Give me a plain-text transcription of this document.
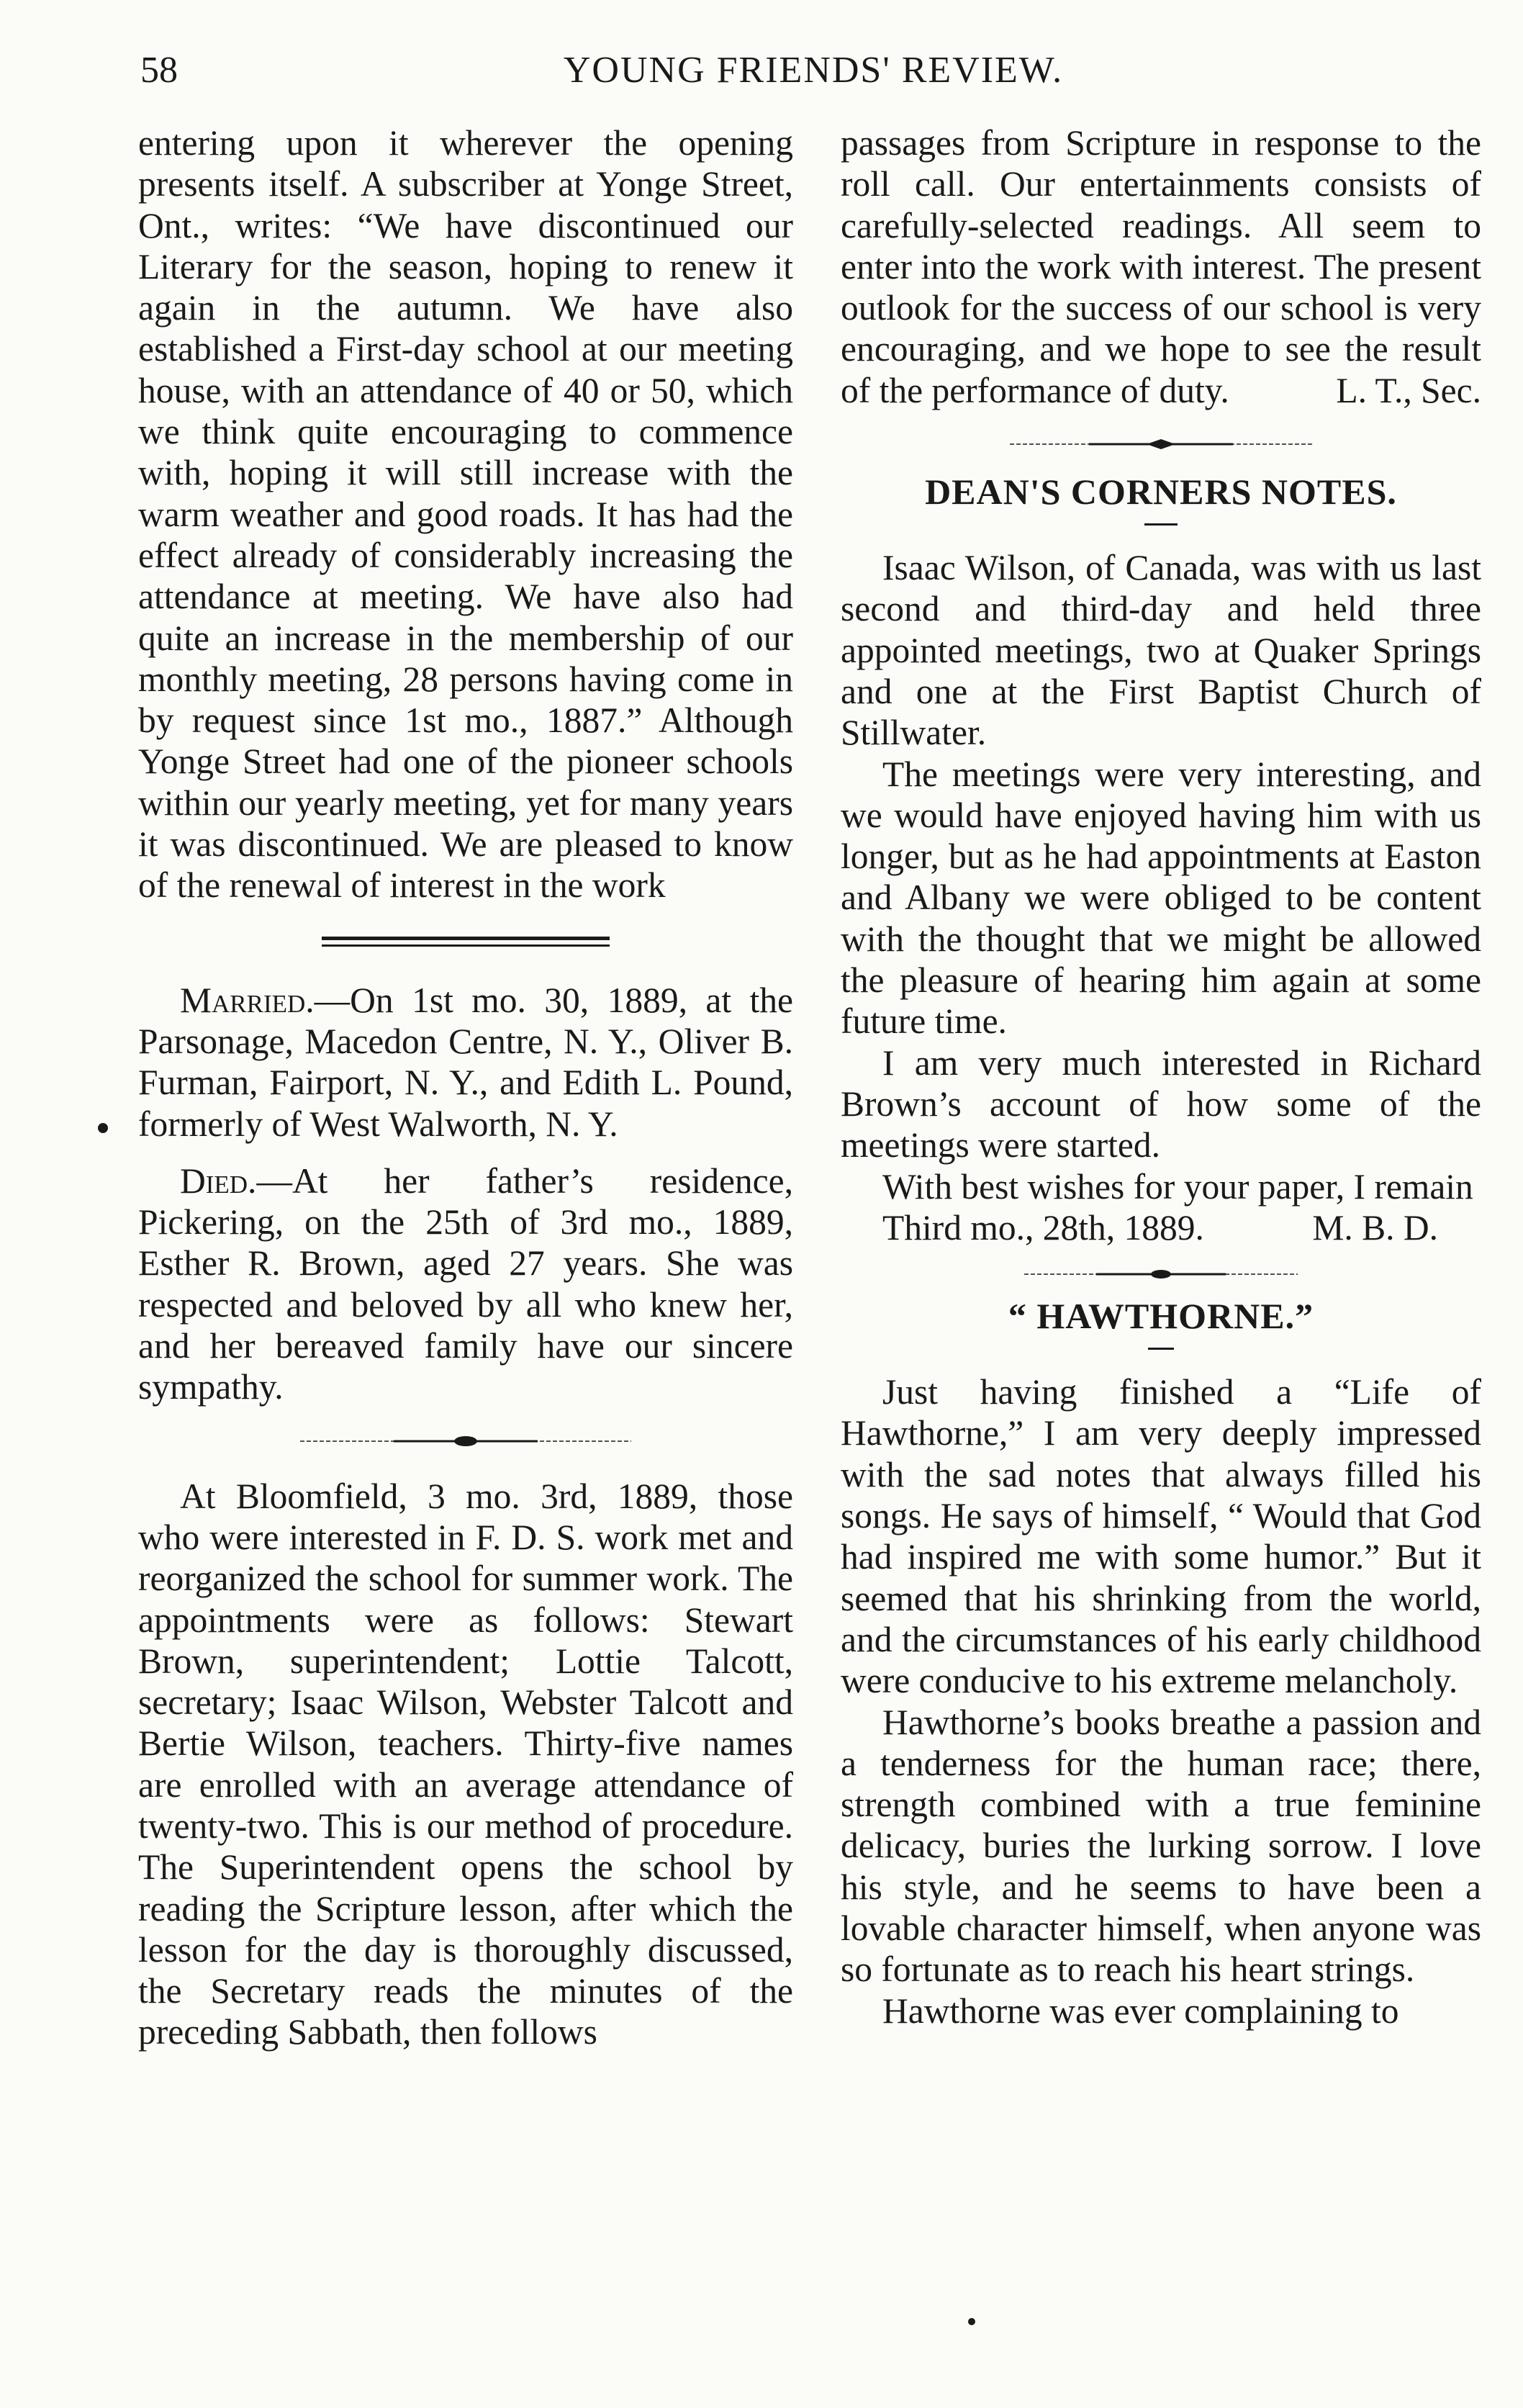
58	YOUNG FRIENDS' REVIEW.

entering upon it wherever the opening presents itself. A subscriber at Yonge Street, Ont., writes: “We have discontinued our Literary for the season, hoping to renew it again in the autumn. We have also established a First-day school at our meeting house, with an attendance of 40 or 50, which we think quite encouraging to commence with, hoping it will still increase with the warm weather and good roads. It has had the effect already of considerably increasing the attendance at meeting. We have also had quite an increase in the membership of our monthly meeting, 28 persons having come in by request since 1st mo., 1887.” Although Yonge Street had one of the pioneer schools within our yearly meeting, yet for many years it was discontinued. We are pleased to know of the renewal of interest in the work

Married.—On 1st mo. 30, 1889, at the Parsonage, Macedon Centre, N. Y., Oliver B. Furman, Fairport, N. Y., and Edith L. Pound, formerly of West Walworth, N. Y.

Died.—At her father’s residence, Pickering, on the 25th of 3rd mo., 1889, Esther R. Brown, aged 27 years. She was respected and beloved by all who knew her, and her bereaved family have our sincere sympathy.

At Bloomfield, 3 mo. 3rd, 1889, those who were interested in F. D. S. work met and reorganized the school for summer work. The appointments were as follows: Stewart Brown, superintendent; Lottie Talcott, secretary; Isaac Wilson, Webster Talcott and Bertie Wilson, teachers. Thirty-five names are enrolled with an average attendance of twenty-two. This is our method of procedure. The Superintendent opens the school by reading the Scripture lesson, after which the lesson for the day is thoroughly discussed, the Secretary reads the minutes of the preceding Sabbath, then follows

passages from Scripture in response to the roll call. Our entertainments consists of carefully-selected readings. All seem to enter into the work with interest. The present outlook for the success of our school is very encouraging, and we hope to see the result of the performance of duty.	L. T., Sec.

DEAN'S CORNERS NOTES.

Isaac Wilson, of Canada, was with us last second and third-day and held three appointed meetings, two at Quaker Springs and one at the First Baptist Church of Stillwater.

The meetings were very interesting, and we would have enjoyed having him with us longer, but as he had appointments at Easton and Albany we were obliged to be content with the thought that we might be allowed the pleasure of hearing him again at some future time.

I am very much interested in Richard Brown’s account of how some of the meetings were started.

With best wishes for your paper, I remain
M. B. D.

Third mo., 28th, 1889.

“ HAWTHORNE.”

Just having finished a “Life of Hawthorne,” I am very deeply impressed with the sad notes that always filled his songs. He says of himself, “ Would that God had inspired me with some humor.” But it seemed that his shrinking from the world, and the circumstances of his early childhood were conducive to his extreme melancholy.

Hawthorne’s books breathe a passion and a tenderness for the human race; there, strength combined with a true feminine delicacy, buries the lurking sorrow. I love his style, and he seems to have been a lovable character himself, when anyone was so fortunate as to reach his heart strings.

Hawthorne was ever complaining to
